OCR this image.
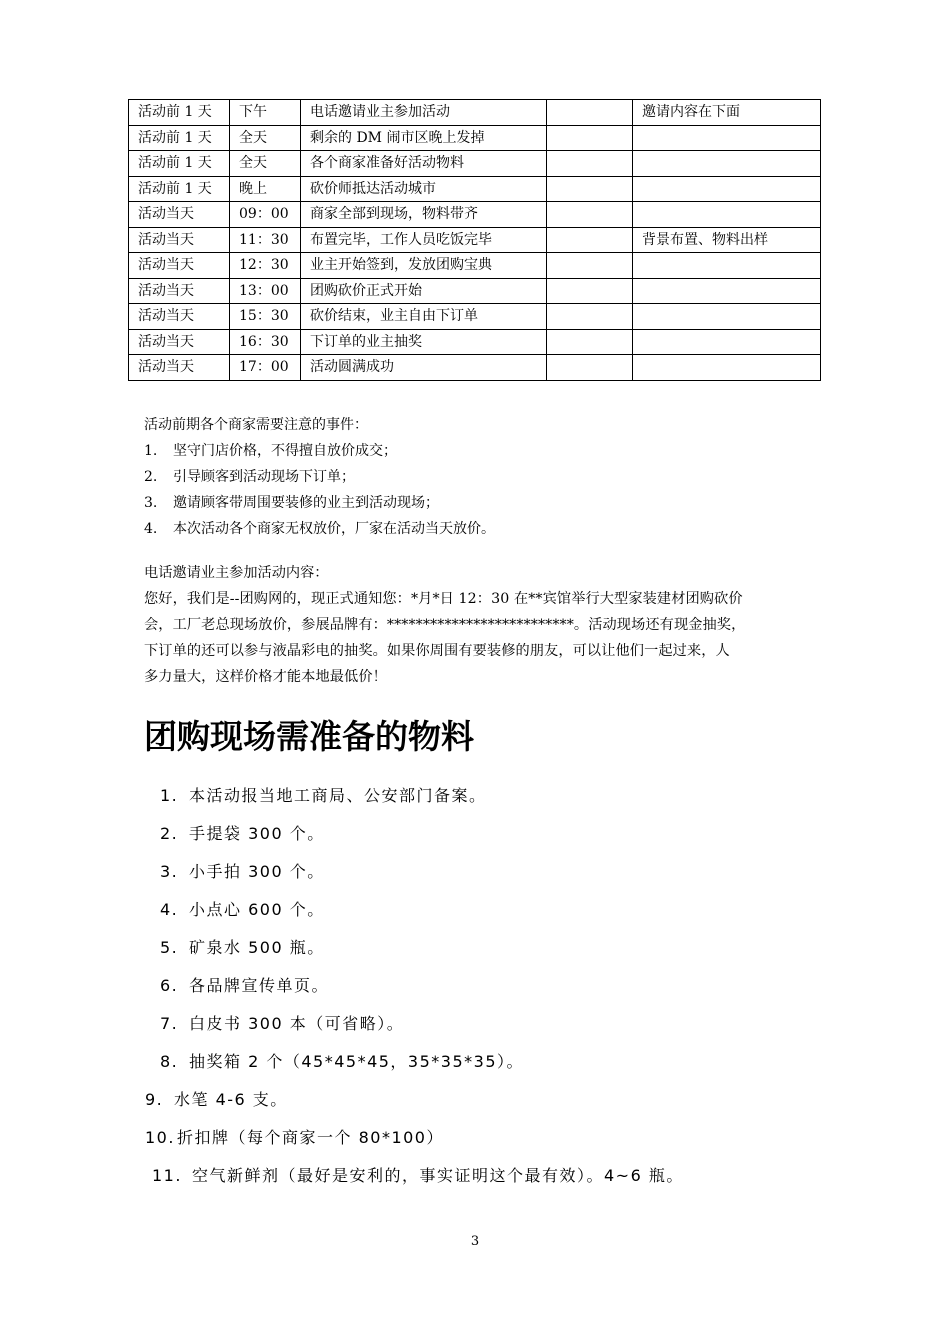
活动前 1 天	下午	电话邀请业主参加活动		邀请内容在下面
活动前 1 天	全天	剩余的 DM 闹市区晚上发掉		
活动前 1 天	全天	各个商家准备好活动物料		
活动前 1 天	晚上	砍价师抵达活动城市		
活动当天	09：00	商家全部到现场，物料带齐		
活动当天	11：30	布置完毕，工作人员吃饭完毕		背景布置、物料出样
活动当天	12：30	业主开始签到，发放团购宝典		
活动当天	13：00	团购砍价正式开始		
活动当天	15：30	砍价结束，业主自由下订单		
活动当天	16：30	下订单的业主抽奖		
活动当天	17：00	活动圆满成功		
活动前期各个商家需要注意的事件：
1. 坚守门店价格，不得擅自放价成交；
2. 引导顾客到活动现场下订单；
3. 邀请顾客带周围要装修的业主到活动现场；
4. 本次活动各个商家无权放价，厂家在活动当天放价。
电话邀请业主参加活动内容：
您好，我们是--团购网的，现正式通知您：*月*日 12：30 在**宾馆举行大型家装建材团购砍价
会，工厂老总现场放价，参展品牌有：**************************。活动现场还有现金抽奖，
下订单的还可以参与液晶彩电的抽奖。如果你周围有要装修的朋友，可以让他们一起过来，人
多力量大，这样价格才能本地最低价！
团购现场需准备的物料
1. 本活动报当地工商局、公安部门备案。
2. 手提袋 300 个。
3. 小手拍 300 个。
4. 小点心 600 个。
5. 矿泉水 500 瓶。
6. 各品牌宣传单页。
7. 白皮书 300 本（可省略）。
8. 抽奖箱 2 个（45*45*45，35*35*35）。
9. 水笔 4-6 支。
10. 折扣牌（每个商家一个 80*100）
11. 空气新鲜剂（最好是安利的，事实证明这个最有效）。4~6 瓶。
3
